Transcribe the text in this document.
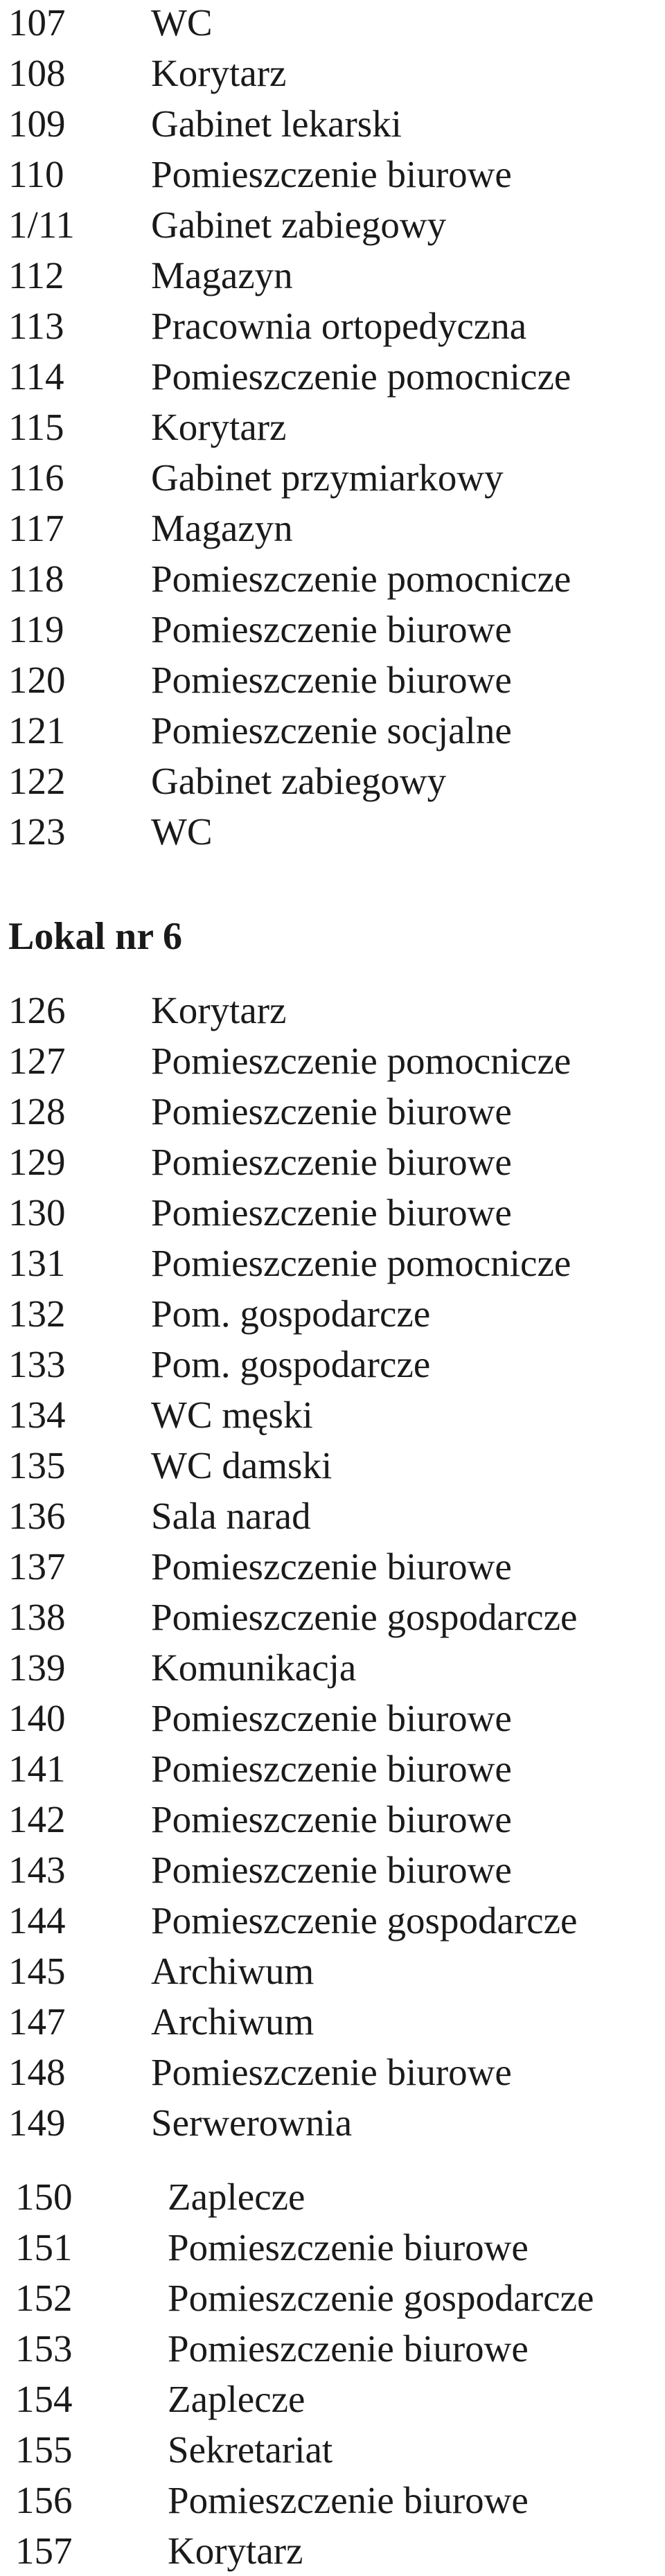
107	WC
108	Korytarz
109	Gabinet lekarski
110	Pomieszczenie biurowe
1/11	Gabinet zabiegowy
112	Magazyn
113	Pracownia ortopedyczna
114	Pomieszczenie pomocnicze
115	Korytarz
116	Gabinet przymiarkowy
117	Magazyn
118	Pomieszczenie pomocnicze
119	Pomieszczenie biurowe
120	Pomieszczenie biurowe
121	Pomieszczenie socjalne
122	Gabinet zabiegowy
123	WC
Lokal nr 6
126	Korytarz
127	Pomieszczenie pomocnicze
128	Pomieszczenie biurowe
129	Pomieszczenie biurowe
130	Pomieszczenie biurowe
131	Pomieszczenie pomocnicze
132	Pom. gospodarcze
133	Pom. gospodarcze
134	WC męski
135	WC damski
136	Sala narad
137	Pomieszczenie biurowe
138	Pomieszczenie gospodarcze
139	Komunikacja
140	Pomieszczenie biurowe
141	Pomieszczenie biurowe
142	Pomieszczenie biurowe
143	Pomieszczenie biurowe
144	Pomieszczenie gospodarcze
145	Archiwum
147	Archiwum
148	Pomieszczenie biurowe
149	Serwerownia
150	Zaplecze
151	Pomieszczenie biurowe
152	Pomieszczenie gospodarcze
153	Pomieszczenie biurowe
154	Zaplecze
155	Sekretariat
156	Pomieszczenie biurowe
157	Korytarz
